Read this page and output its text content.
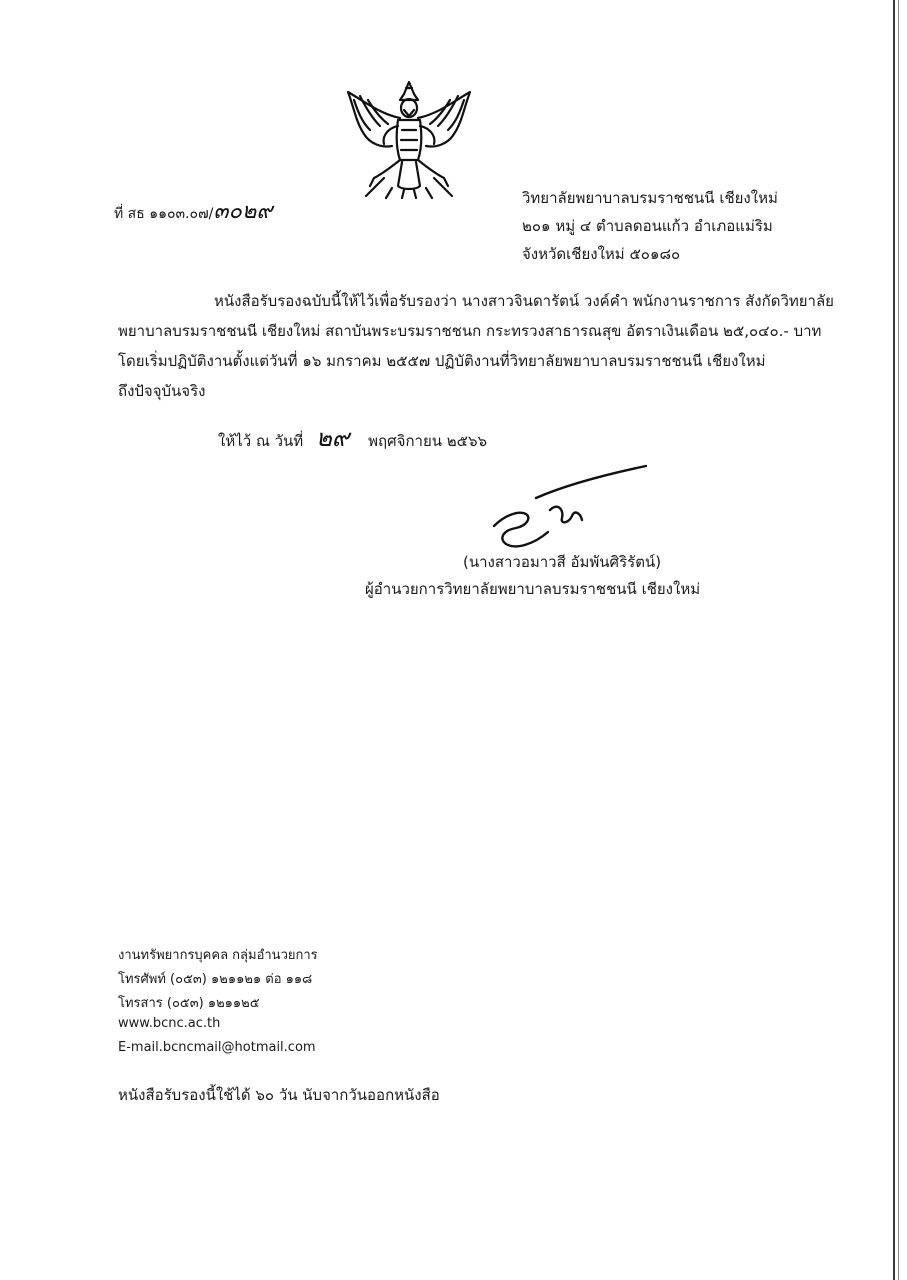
ที่ สธ ๑๑๐๓.๐๗/๓๐๒๙
วิทยาลัยพยาบาลบรมราชชนนี เชียงใหม่
๒๐๑ หมู่ ๔ ตำบลดอนแก้ว อำเภอแม่ริม
จังหวัดเชียงใหม่ ๕๐๑๘๐
หนังสือรับรองฉบับนี้ให้ไว้เพื่อรับรองว่า นางสาวจินดารัตน์ วงค์คำ พนักงานราชการ สังกัดวิทยาลัย
พยาบาลบรมราชชนนี เชียงใหม่ สถาบันพระบรมราชชนก กระทรวงสาธารณสุข อัตราเงินเดือน ๒๕,๐๔๐.- บาท
โดยเริ่มปฏิบัติงานตั้งแต่วันที่ ๑๖ มกราคม ๒๕๕๗ ปฏิบัติงานที่วิทยาลัยพยาบาลบรมราชชนนี เชียงใหม่
ถึงปัจจุบันจริง
ให้ไว้ ณ วันที่ ๒๙ พฤศจิกายน ๒๕๖๖
(นางสาวอมาวสี อัมพันศิริรัตน์)
ผู้อำนวยการวิทยาลัยพยาบาลบรมราชชนนี เชียงใหม่
งานทรัพยากรบุคคล กลุ่มอำนวยการ
โทรศัพท์ (๐๕๓) ๑๒๑๑๒๑ ต่อ ๑๑๘
โทรสาร (๐๕๓) ๑๒๑๑๒๕
www.bcnc.ac.th
E-mail.bcncmail@hotmail.com
หนังสือรับรองนี้ใช้ได้ ๖๐ วัน นับจากวันออกหนังสือ
